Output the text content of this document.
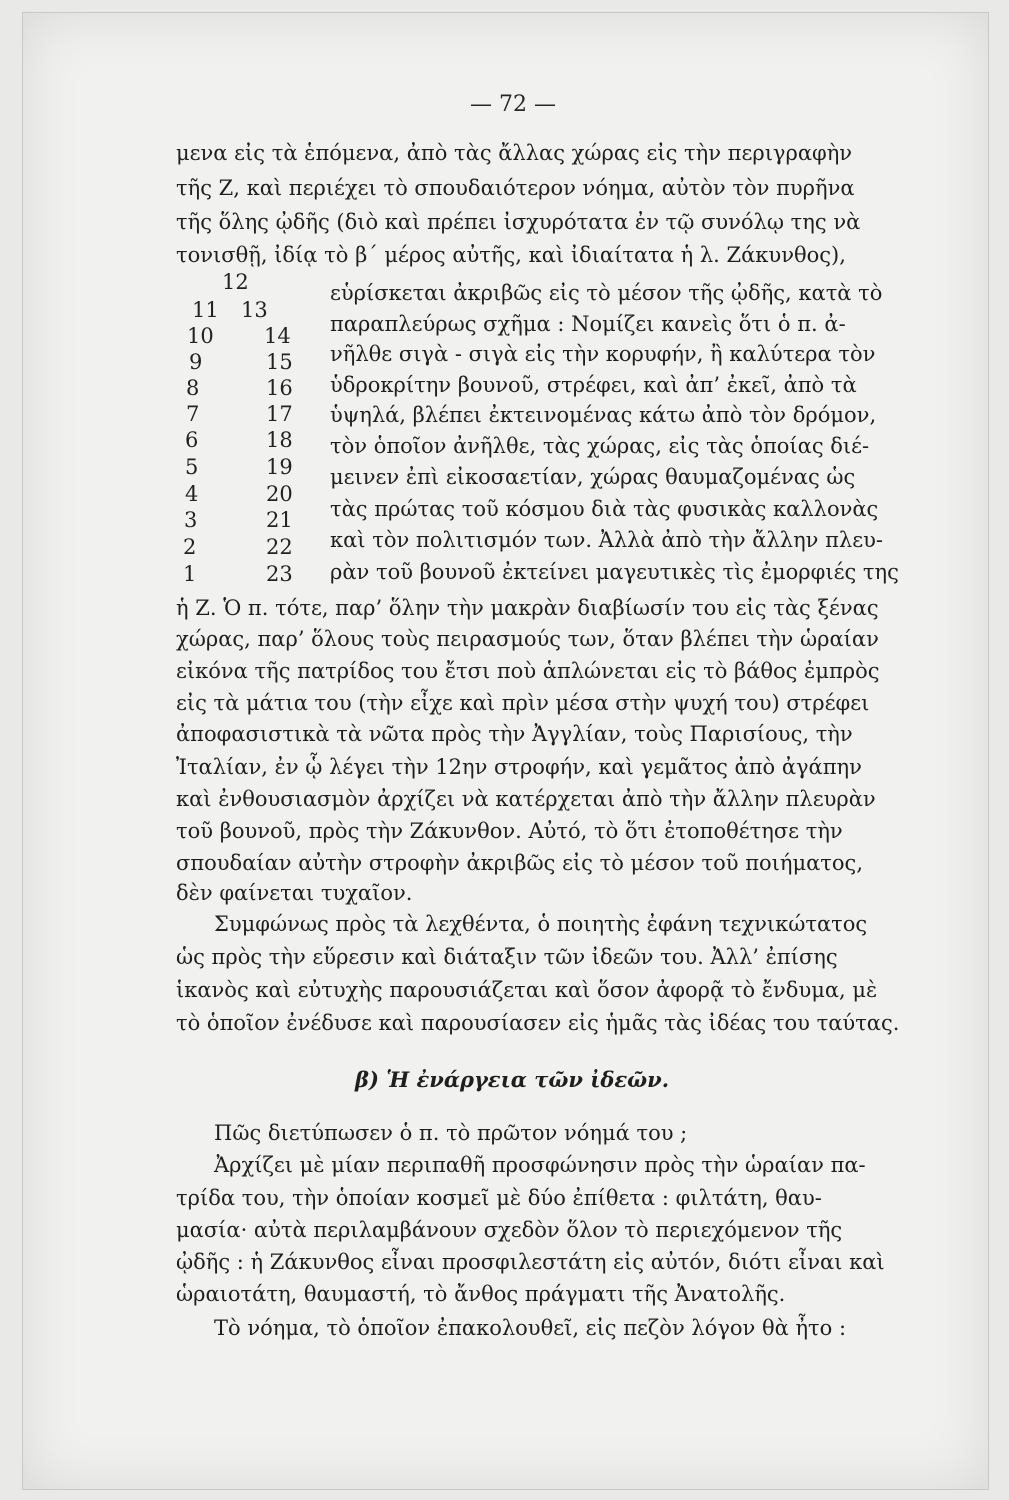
— 72 —
μενα εἰς τὰ ἑπόμενα, ἀπὸ τὰς ἄλλας χώρας εἰς τὴν περιγραφὴν
τῆς Ζ, καὶ περιέχει τὸ σπουδαιότερον νόημα, αὐτὸν τὸν πυρῆνα
τῆς ὅλης ᾠδῆς (διὸ καὶ πρέπει ἰσχυρότατα ἐν τῷ συνόλῳ της νὰ
τονισθῇ, ἰδίᾳ τὸ β΄ μέρος αὐτῆς, καὶ ἰδιαίτατα ἡ λ. Ζάκυνθος),
12
11
10
9
8
7
6
5
4
3
2
1
13
14
15
16
17
18
19
20
21
22
23
εὑρίσκεται ἀκριβῶς εἰς τὸ μέσον τῆς ᾠδῆς, κατὰ τὸ
παραπλεύρως σχῆμα : Νομίζει κανεὶς ὅτι ὁ π. ἀ-
νῆλθε σιγὰ - σιγὰ εἰς τὴν κορυφήν, ἢ καλύτερα τὸν
ὑδροκρίτην βουνοῦ, στρέφει, καὶ ἀπ’ ἐκεῖ, ἀπὸ τὰ
ὑψηλά, βλέπει ἐκτεινομένας κάτω ἀπὸ τὸν δρόμον,
τὸν ὁποῖον ἀνῆλθε, τὰς χώρας, εἰς τὰς ὁποίας διέ-
μεινεν ἐπὶ εἰκοσαετίαν, χώρας θαυμαζομένας ὡς
τὰς πρώτας τοῦ κόσμου διὰ τὰς φυσικὰς καλλονὰς
καὶ τὸν πολιτισμόν των. Ἀλλὰ ἀπὸ τὴν ἄλλην πλευ-
ρὰν τοῦ βουνοῦ ἐκτείνει μαγευτικὲς τὶς ἐμορφιές της
ἡ Ζ. Ὁ π. τότε, παρ’ ὅλην τὴν μακρὰν διαβίωσίν του εἰς τὰς ξένας
χώρας, παρ’ ὅλους τοὺς πειρασμούς των, ὅταν βλέπει τὴν ὡραίαν
εἰκόνα τῆς πατρίδος του ἔτσι ποὺ ἁπλώνεται εἰς τὸ βάθος ἐμπρὸς
εἰς τὰ μάτια του (τὴν εἶχε καὶ πρὶν μέσα στὴν ψυχή του) στρέφει
ἀποφασιστικὰ τὰ νῶτα πρὸς τὴν Ἀγγλίαν, τοὺς Παρισίους, τὴν
Ἰταλίαν, ἐν ᾧ λέγει τὴν 12ην στροφήν, καὶ γεμᾶτος ἀπὸ ἀγάπην
καὶ ἐνθουσιασμὸν ἀρχίζει νὰ κατέρχεται ἀπὸ τὴν ἄλλην πλευρὰν
τοῦ βουνοῦ, πρὸς τὴν Ζάκυνθον. Αὐτό, τὸ ὅτι ἐτοποθέτησε τὴν
σπουδαίαν αὐτὴν στροφὴν ἀκριβῶς εἰς τὸ μέσον τοῦ ποιήματος,
δὲν φαίνεται τυχαῖον.
Συμφώνως πρὸς τὰ λεχθέντα, ὁ ποιητὴς ἐφάνη τεχνικώτατος
ὡς πρὸς τὴν εὕρεσιν καὶ διάταξιν τῶν ἰδεῶν του. Ἀλλ’ ἐπίσης
ἱκανὸς καὶ εὐτυχὴς παρουσιάζεται καὶ ὅσον ἀφορᾷ τὸ ἔνδυμα, μὲ
τὸ ὁποῖον ἐνέδυσε καὶ παρουσίασεν εἰς ἡμᾶς τὰς ἰδέας του ταύτας.
β) Ἡ ἐνάργεια τῶν ἰδεῶν.
Πῶς διετύπωσεν ὁ π. τὸ πρῶτον νόημά του ;
Ἀρχίζει μὲ μίαν περιπαθῆ προσφώνησιν πρὸς τὴν ὡραίαν πα-
τρίδα του, τὴν ὁποίαν κοσμεῖ μὲ δύο ἐπίθετα : φιλτάτη, θαυ-
μασία· αὐτὰ περιλαμβάνουν σχεδὸν ὅλον τὸ περιεχόμενον τῆς
ᾠδῆς : ἡ Ζάκυνθος εἶναι προσφιλεστάτη εἰς αὐτόν, διότι εἶναι καὶ
ὡραιοτάτη, θαυμαστή, τὸ ἄνθος πράγματι τῆς Ἀνατολῆς.
Τὸ νόημα, τὸ ὁποῖον ἐπακολουθεῖ, εἰς πεζὸν λόγον θὰ ἦτο :
